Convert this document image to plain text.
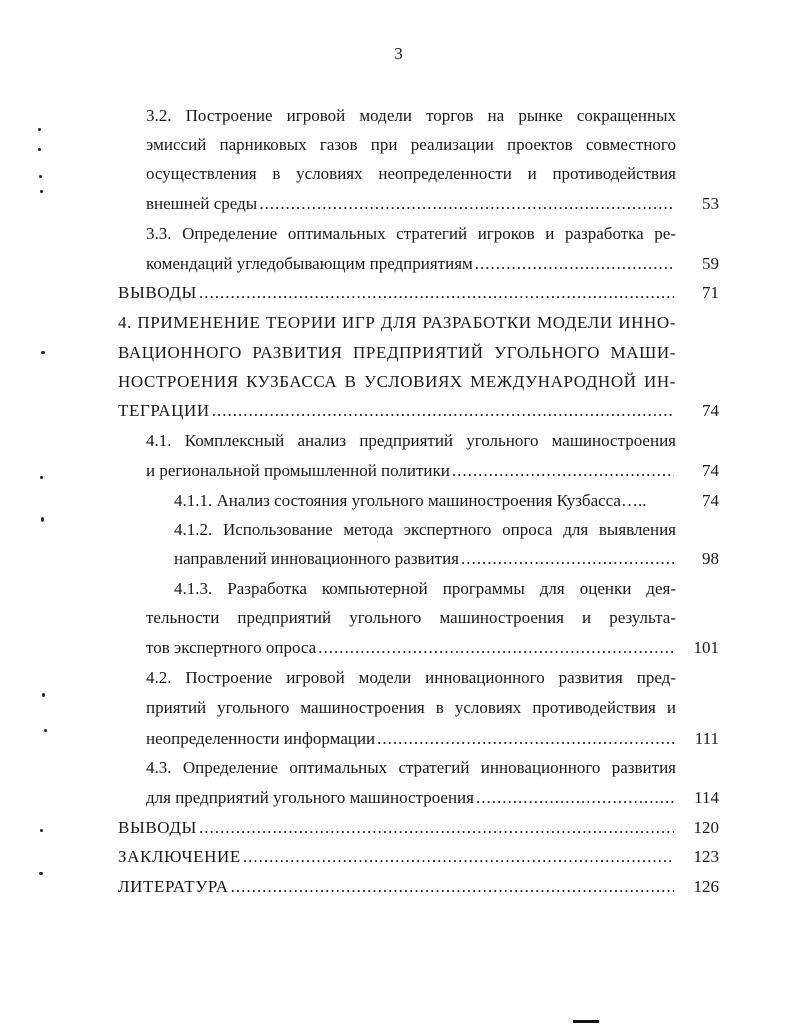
3
3.2. Построение игровой модели торгов на рынке сокращенных
эмиссий парниковых газов при реализации проектов совместного
осуществления в условиях неопределенности и противодействия
внешней среды .....	53
3.3. Определение оптимальных стратегий игроков и разработка ре-
комендаций угледобывающим предприятиям .....	59
ВЫВОДЫ .....	71
4. ПРИМЕНЕНИЕ ТЕОРИИ ИГР ДЛЯ РАЗРАБОТКИ МОДЕЛИ ИННО-
ВАЦИОННОГО РАЗВИТИЯ ПРЕДПРИЯТИЙ УГОЛЬНОГО МАШИ-
НОСТРОЕНИЯ КУЗБАССА В УСЛОВИЯХ МЕЖДУНАРОДНОЙ ИН-
ТЕГРАЦИИ .....	74
4.1. Комплексный анализ предприятий угольного машиностроения
и региональной промышленной политики .....	74
4.1.1. Анализ состояния угольного машиностроения Кузбасса…..	74
4.1.2. Использование метода экспертного опроса для выявления
направлений инновационного развития .....	98
4.1.3. Разработка компьютерной программы для оценки дея-
тельности предприятий угольного машиностроения и результа-
тов экспертного опроса .....	101
4.2. Построение игровой модели инновационного развития пред-
приятий угольного машиностроения в условиях противодействия и
неопределенности информации .....	111
4.3. Определение оптимальных стратегий инновационного развития
для предприятий угольного машиностроения .....	114
ВЫВОДЫ .....	120
ЗАКЛЮЧЕНИЕ .....	123
ЛИТЕРАТУРА .....	126
